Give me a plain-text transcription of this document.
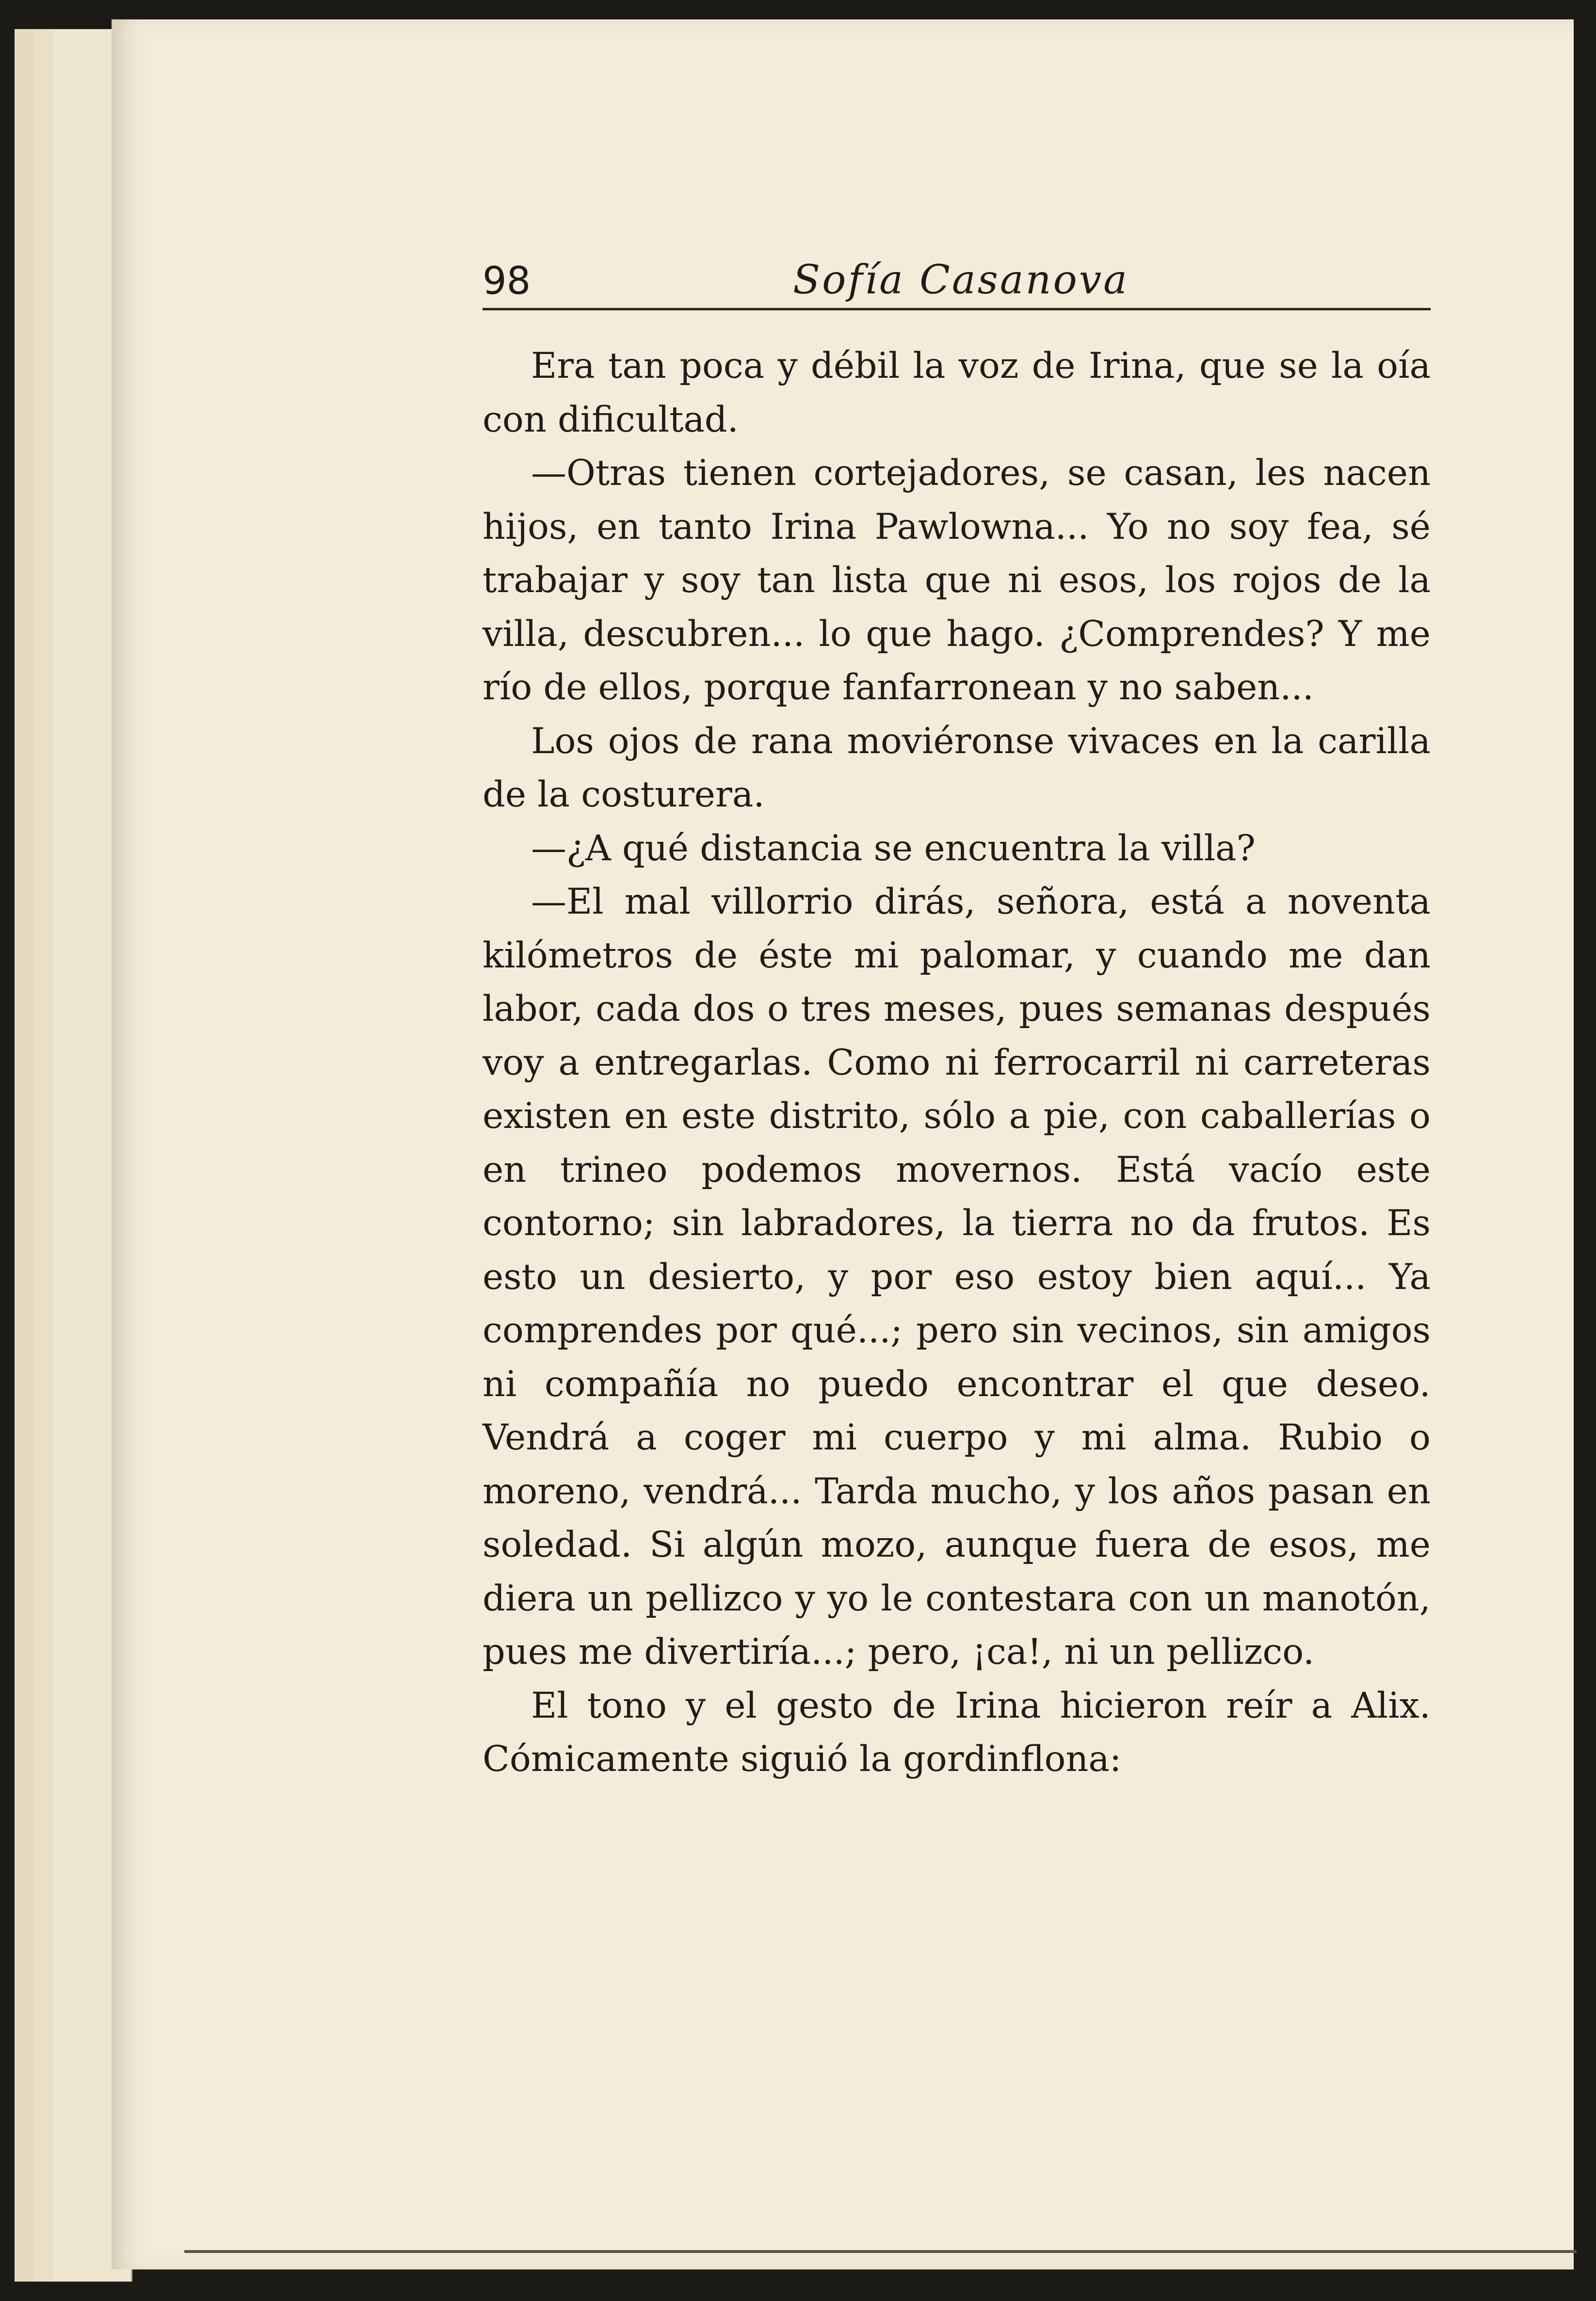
98	Sofía Casanova

Era tan poca y débil la voz de Irina, que se la oía con dificultad.

—Otras tienen cortejadores, se casan, les nacen hijos, en tanto Irina Pawlowna... Yo no soy fea, sé trabajar y soy tan lista que ni esos, los rojos de la villa, descubren... lo que hago. ¿Comprendes? Y me río de ellos, porque fanfarronean y no saben...

Los ojos de rana moviéronse vivaces en la carilla de la costurera.

—¿A qué distancia se encuentra la villa?

—El mal villorrio dirás, señora, está a noventa kilómetros de éste mi palomar, y cuando me dan labor, cada dos o tres meses, pues semanas después voy a entregarlas. Como ni ferrocarril ni carreteras existen en este distrito, sólo a pie, con caballerías o en trineo podemos movernos. Está vacío este contorno; sin labradores, la tierra no da frutos. Es esto un desierto, y por eso estoy bien aquí... Ya comprendes por qué...; pero sin vecinos, sin amigos ni compañía no puedo encontrar el que deseo. Vendrá a coger mi cuerpo y mi alma. Rubio o moreno, vendrá... Tarda mucho, y los años pasan en soledad. Si algún mozo, aunque fuera de esos, me diera un pellizco y yo le contestara con un manotón, pues me divertiría...; pero, ¡ca!, ni un pellizco.

El tono y el gesto de Irina hicieron reír a Alix. Cómicamente siguió la gordinflona:
